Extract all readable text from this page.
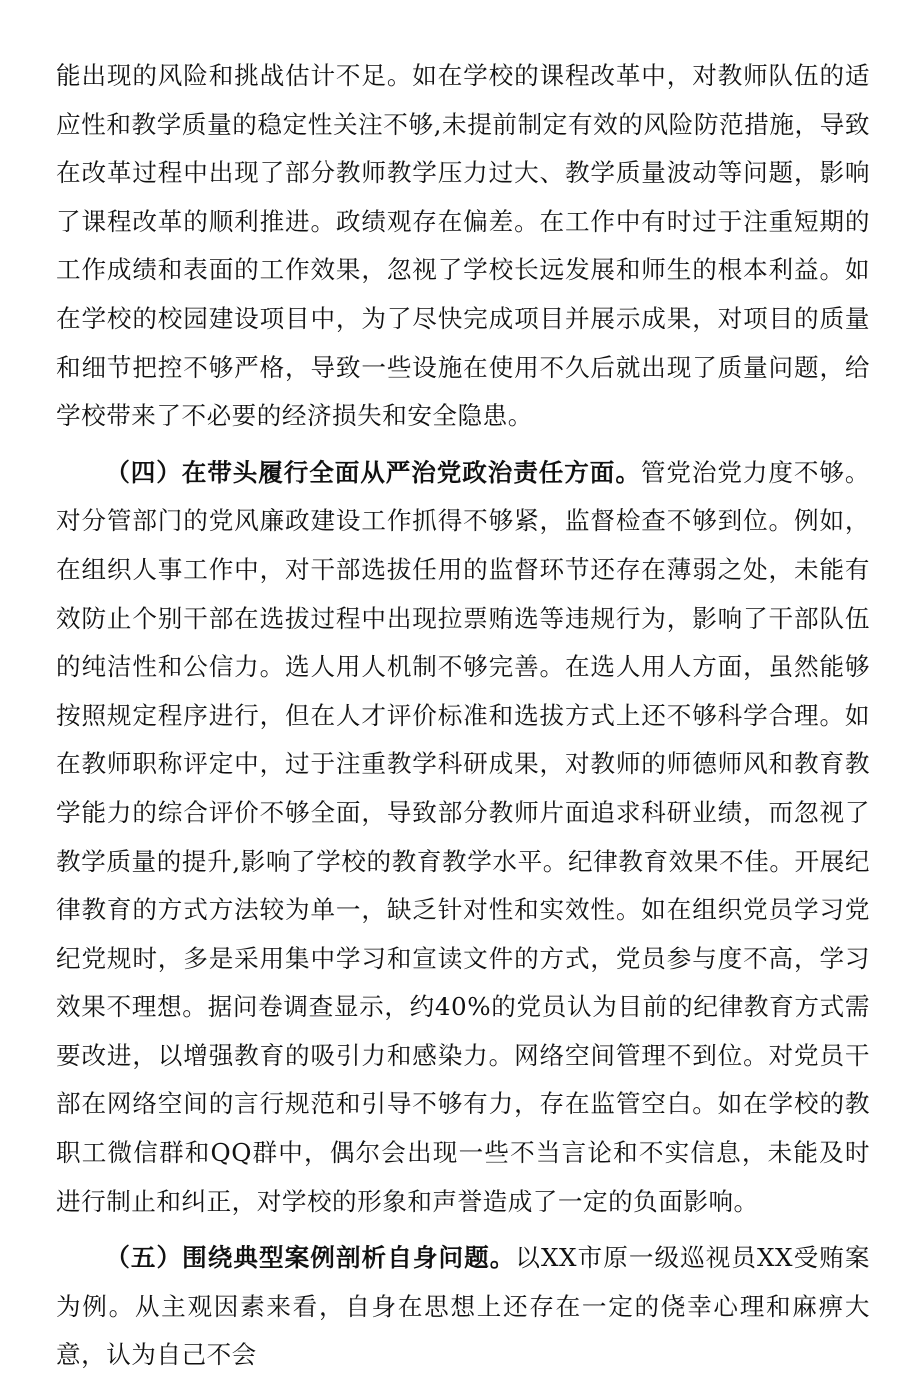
能出现的风险和挑战估计不足。如在学校的课程改革中，对教师队伍的适应性和教学质量的稳定性关注不够,未提前制定有效的风险防范措施，导致在改革过程中出现了部分教师教学压力过大、教学质量波动等问题，影响了课程改革的顺利推进。政绩观存在偏差。在工作中有时过于注重短期的工作成绩和表面的工作效果，忽视了学校长远发展和师生的根本利益。如在学校的校园建设项目中，为了尽快完成项目并展示成果，对项目的质量和细节把控不够严格，导致一些设施在使用不久后就出现了质量问题，给学校带来了不必要的经济损失和安全隐患。

（四）在带头履行全面从严治党政治责任方面。管党治党力度不够。对分管部门的党风廉政建设工作抓得不够紧，监督检查不够到位。例如，在组织人事工作中，对干部选拔任用的监督环节还存在薄弱之处，未能有效防止个别干部在选拔过程中出现拉票贿选等违规行为，影响了干部队伍的纯洁性和公信力。选人用人机制不够完善。在选人用人方面，虽然能够按照规定程序进行，但在人才评价标准和选拔方式上还不够科学合理。如在教师职称评定中，过于注重教学科研成果，对教师的师德师风和教育教学能力的综合评价不够全面，导致部分教师片面追求科研业绩，而忽视了教学质量的提升,影响了学校的教育教学水平。纪律教育效果不佳。开展纪律教育的方式方法较为单一，缺乏针对性和实效性。如在组织党员学习党纪党规时，多是采用集中学习和宣读文件的方式，党员参与度不高，学习效果不理想。据问卷调查显示，约40%的党员认为目前的纪律教育方式需要改进，以增强教育的吸引力和感染力。网络空间管理不到位。对党员干部在网络空间的言行规范和引导不够有力，存在监管空白。如在学校的教职工微信群和QQ群中，偶尔会出现一些不当言论和不实信息，未能及时进行制止和纠正，对学校的形象和声誉造成了一定的负面影响。

（五）围绕典型案例剖析自身问题。以XX市原一级巡视员XX受贿案为例。从主观因素来看，自身在思想上还存在一定的侥幸心理和麻痹大意，认为自己不会
